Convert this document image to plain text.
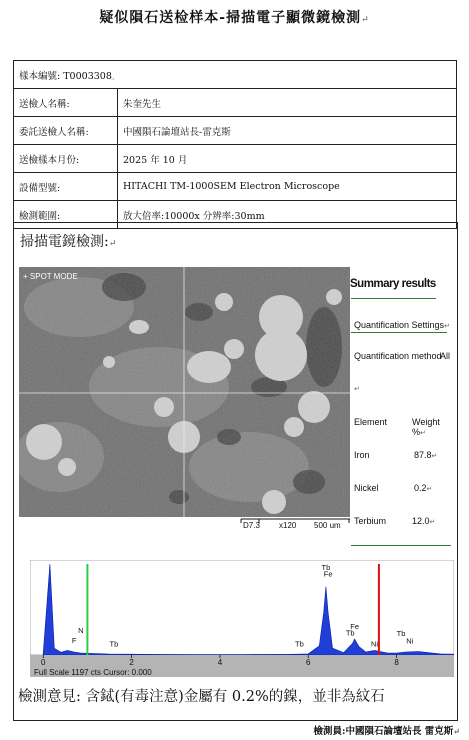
疑似隕石送检样本-掃描電子顯微鏡檢測↵
樣本編號: T0003308、	
送檢人名稱:	朱奎先生
委託送檢人名稱:	中國隕石論壇站長-雷克斯
送檢樣本月份:	2025 年 10 月
設備型號:	HITACHI TM-1000SEM Electron Microscope
檢測範圍:	放大倍率:10000x 分辨率:30mm
掃描電鏡檢測:↵
+ SPOT MODE
D7.3 x120 500 um
Summary results
Quantification Settings↵
Quantification method
All
↵
Element	Weight %↵
Iron	87.8↵
Nickel	0.2↵
Terbium	12.0↵
Tb
Fe
Fe
Tb
Ni
Tb
Ni
N
Tb	Tb
F
0	2	4	6	8
Full Scale 1197 cts Cursor: 0.000
檢測意見: 含鋱(有毒注意)金屬有 0.2%的鎳，並非為紋石
檢測員:中國隕石論壇站長 雷克斯↵
